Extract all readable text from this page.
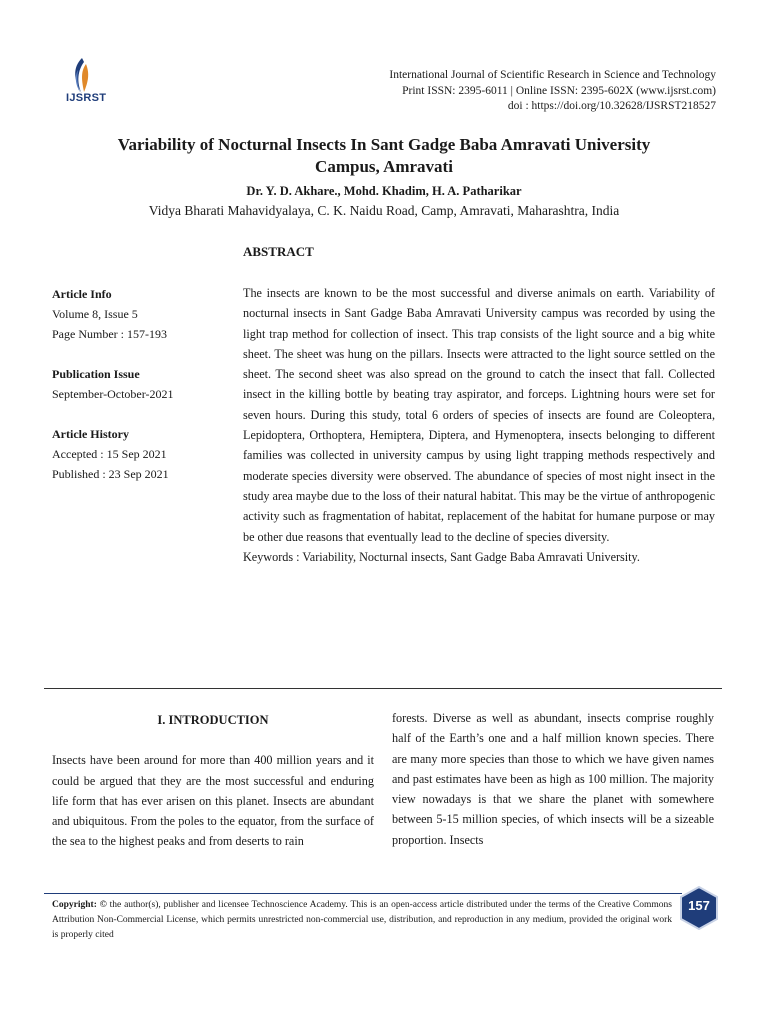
IJSRST
International Journal of Scientific Research in Science and Technology
Print ISSN: 2395-6011 | Online ISSN: 2395-602X (www.ijsrst.com)
doi : https://doi.org/10.32628/IJSRST218527
Variability of Nocturnal Insects In Sant Gadge Baba Amravati University
Campus, Amravati
Dr. Y. D. Akhare., Mohd. Khadim, H. A. Patharikar
Vidya Bharati Mahavidyalaya, C. K. Naidu Road, Camp, Amravati, Maharashtra, India
ABSTRACT
Article Info
Volume 8, Issue 5
Page Number : 157-193
Publication Issue
September-October-2021
Article History
Accepted : 15 Sep 2021
Published : 23 Sep 2021

The insects are known to be the most successful and diverse animals on earth. Variability of nocturnal insects in Sant Gadge Baba Amravati University campus was recorded by using the light trap method for collection of insect. This trap consists of the light source and a big white sheet. The sheet was hung on the pillars. Insects were attracted to the light source settled on the sheet. The second sheet was also spread on the ground to catch the insect that fall. Collected insect in the killing bottle by beating tray aspirator, and forceps. Lightning hours were set for seven hours. During this study, total 6 orders of species of insects are found are Coleoptera, Lepidoptera, Orthoptera, Hemiptera, Diptera, and Hymenoptera, insects belonging to different families was collected in university campus by using light trapping methods respectively and moderate species diversity were observed. The abundance of species of most night insect in the study area maybe due to the loss of their natural habitat. This may be the virtue of anthropogenic activity such as fragmentation of habitat, replacement of the habitat for humane purpose or may be other due reasons that eventually lead to the decline of species diversity.

Keywords : Variability, Nocturnal insects, Sant Gadge Baba Amravati University.

I. INTRODUCTION

Insects have been around for more than 400 million years and it could be argued that they are the most successful and enduring life form that has ever arisen on this planet. Insects are abundant and ubiquitous. From the poles to the equator, from the surface of the sea to the highest peaks and from deserts to rain

forests. Diverse as well as abundant, insects comprise roughly half of the Earth’s one and a half million known species. There are many more species than those to which we have given names and past estimates have been as high as 100 million. The majority view nowadays is that we share the planet with somewhere between 5-15 million species, of which insects will be a sizeable proportion. Insects

Copyright: © the author(s), publisher and licensee Technoscience Academy. This is an open-access article distributed under the terms of the Creative Commons Attribution Non-Commercial License, which permits unrestricted non-commercial use, distribution, and reproduction in any medium, provided the original work is properly cited
157
